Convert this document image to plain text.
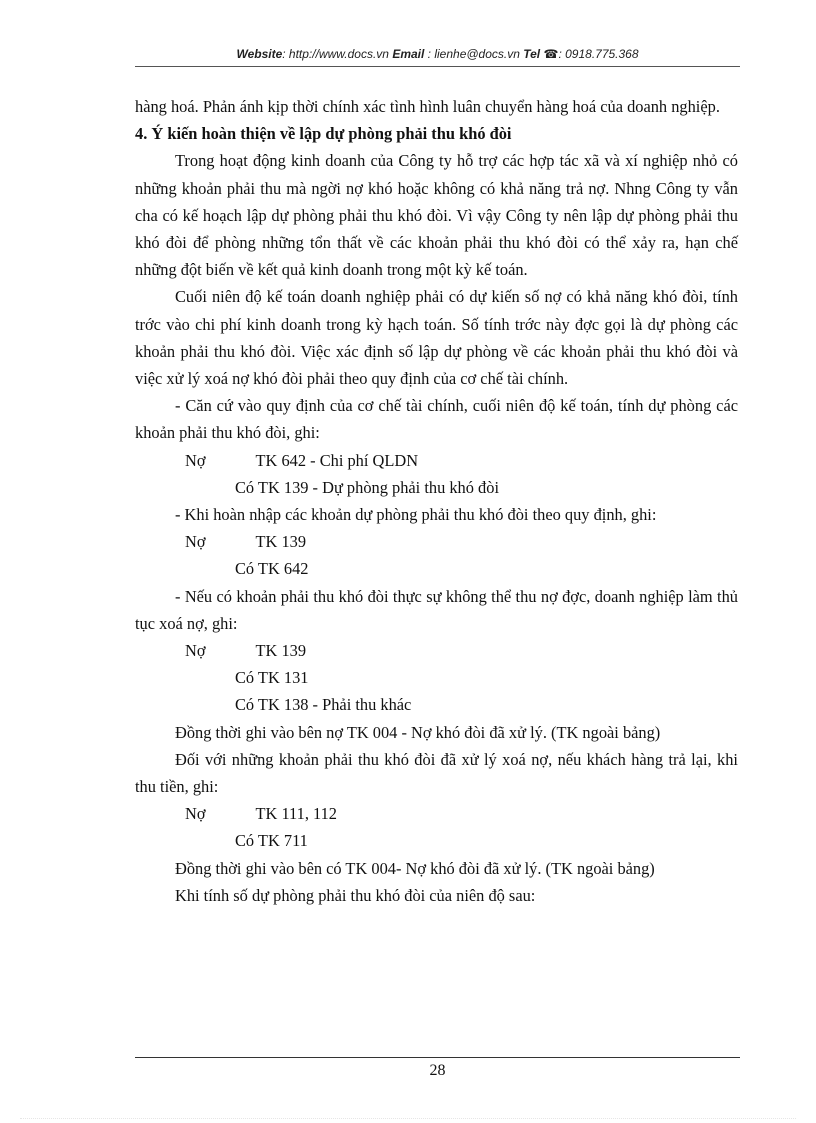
Website: http://www.docs.vn Email : lienhe@docs.vn Tel ☎: 0918.775.368

hàng hoá. Phản ánh kịp thời chính xác tình hình luân chuyển hàng hoá của doanh nghiệp.

4. Ý kiến hoàn thiện về lập dự phòng phải thu khó đòi

Trong hoạt động kinh doanh của Công ty hỗ trợ các hợp tác xã và xí nghiệp nhỏ có những khoản phải thu mà ngời nợ khó hoặc không có khả năng trả nợ. Nhng Công ty vẫn cha có kế hoạch lập dự phòng phải thu khó đòi. Vì vậy Công ty nên lập dự phòng phải thu khó đòi để phòng những tổn thất về các khoản phải thu khó đòi có thể xảy ra, hạn chế những đột biến về kết quả kinh doanh trong một kỳ kế toán.

Cuối niên độ kế toán doanh nghiệp phải có dự kiến số nợ có khả năng khó đòi, tính trớc vào chi phí kinh doanh trong kỳ hạch toán. Số tính trớc này đợc gọi là dự phòng các khoản phải thu khó đòi. Việc xác định số lập dự phòng về các khoản phải thu khó đòi và việc xử lý xoá nợ khó đòi phải theo quy định của cơ chế tài chính.

- Căn cứ vào quy định của cơ chế tài chính, cuối niên độ kế toán, tính dự phòng các khoản phải thu khó đòi, ghi:

Nợ	TK 642 - Chi phí QLDN

Có TK 139 - Dự phòng phải thu khó đòi

- Khi hoàn nhập các khoản dự phòng phải thu khó đòi theo quy định, ghi:

Nợ	TK 139

Có TK 642

- Nếu có khoản phải thu khó đòi thực sự không thể thu nợ đợc, doanh nghiệp làm thủ tục xoá nợ, ghi:

Nợ	TK 139

Có TK 131

Có TK 138 - Phải thu khác

Đồng thời ghi vào bên nợ TK 004 - Nợ khó đòi đã xử lý. (TK ngoài bảng)

Đối với những khoản phải thu khó đòi đã xử lý xoá nợ, nếu khách hàng trả lại, khi thu tiền, ghi:

Nợ	TK 111, 112

Có TK 711

Đồng thời ghi vào bên có TK 004- Nợ khó đòi đã xử lý. (TK ngoài bảng)

Khi tính số dự phòng phải thu khó đòi của niên độ sau:

28
